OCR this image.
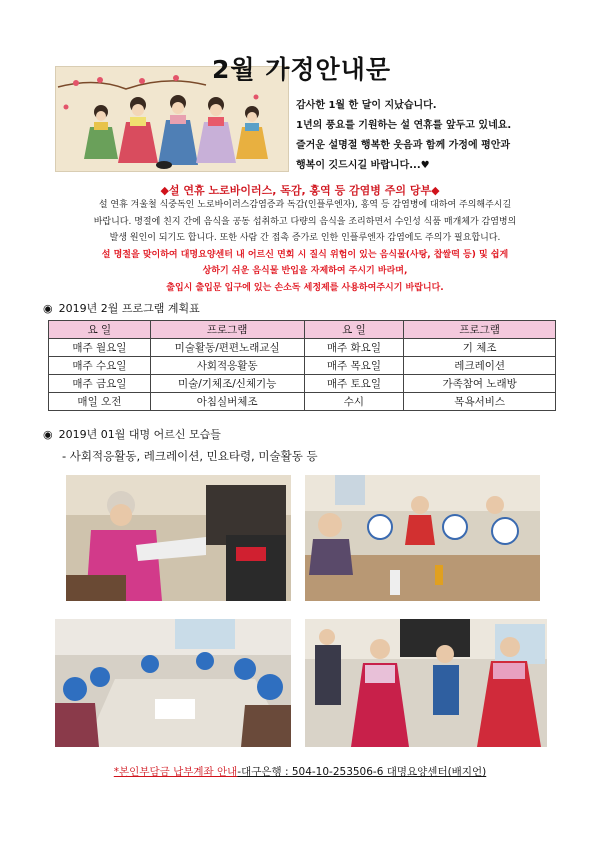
2월 가정안내문
감사한 1월 한 달이 지났습니다.
1년의 풍요를 기원하는 설 연휴를 앞두고 있네요.
즐거운 설명절 행복한 웃음과 함께 가정에 평안과
행복이 깃드시길 바랍니다...♥
◆설 연휴 노로바이러스, 독감, 홍역 등 감염병 주의 당부◆
설 연휴 겨울철 식중독인 노로바이러스감염증과 독감(인플루엔자), 홍역 등 감염병에 대하여 주의해주시길
바랍니다. 명절에 친지 간에 음식을 공동 섭취하고 다량의 음식을 조리하면서 수인성 식품 매개체가 감염병의
발생 원인이 되기도 합니다. 또한 사람 간 접촉 증가로 인한 인플루엔자 감염에도 주의가 필요합니다.
설 명절을 맞이하여 대명요양센터 내 어르신 면회 시 질식 위험이 있는 음식물(사탕, 찹쌀떡 등) 및 쉽게
상하기 쉬운 음식물 반입을 자제하여 주시기 바라며,
출입시 출입문 입구에 있는 손소독 세정제를 사용하여주시기 바랍니다.
◉ 2019년 2월 프로그램 계획표
요 일	프로그램	요 일	프로그램
매주 월요일	미술활동/편편노래교실	매주 화요일	기 체조
매주 수요일	사회적응활동	매주 목요일	레크레이션
매주 금요일	미술/기체조/신체기능	매주 토요일	가족참여 노래방
매일 오전	아침실버체조	수시	목욕서비스
◉ 2019년 01월 대명 어르신 모습들
- 사회적응활동, 레크레이션, 민요타령, 미술활동 등
*본인부담금 납부계좌 안내-대구은행 : 504-10-253506-6 대명요양센터(배지언)
